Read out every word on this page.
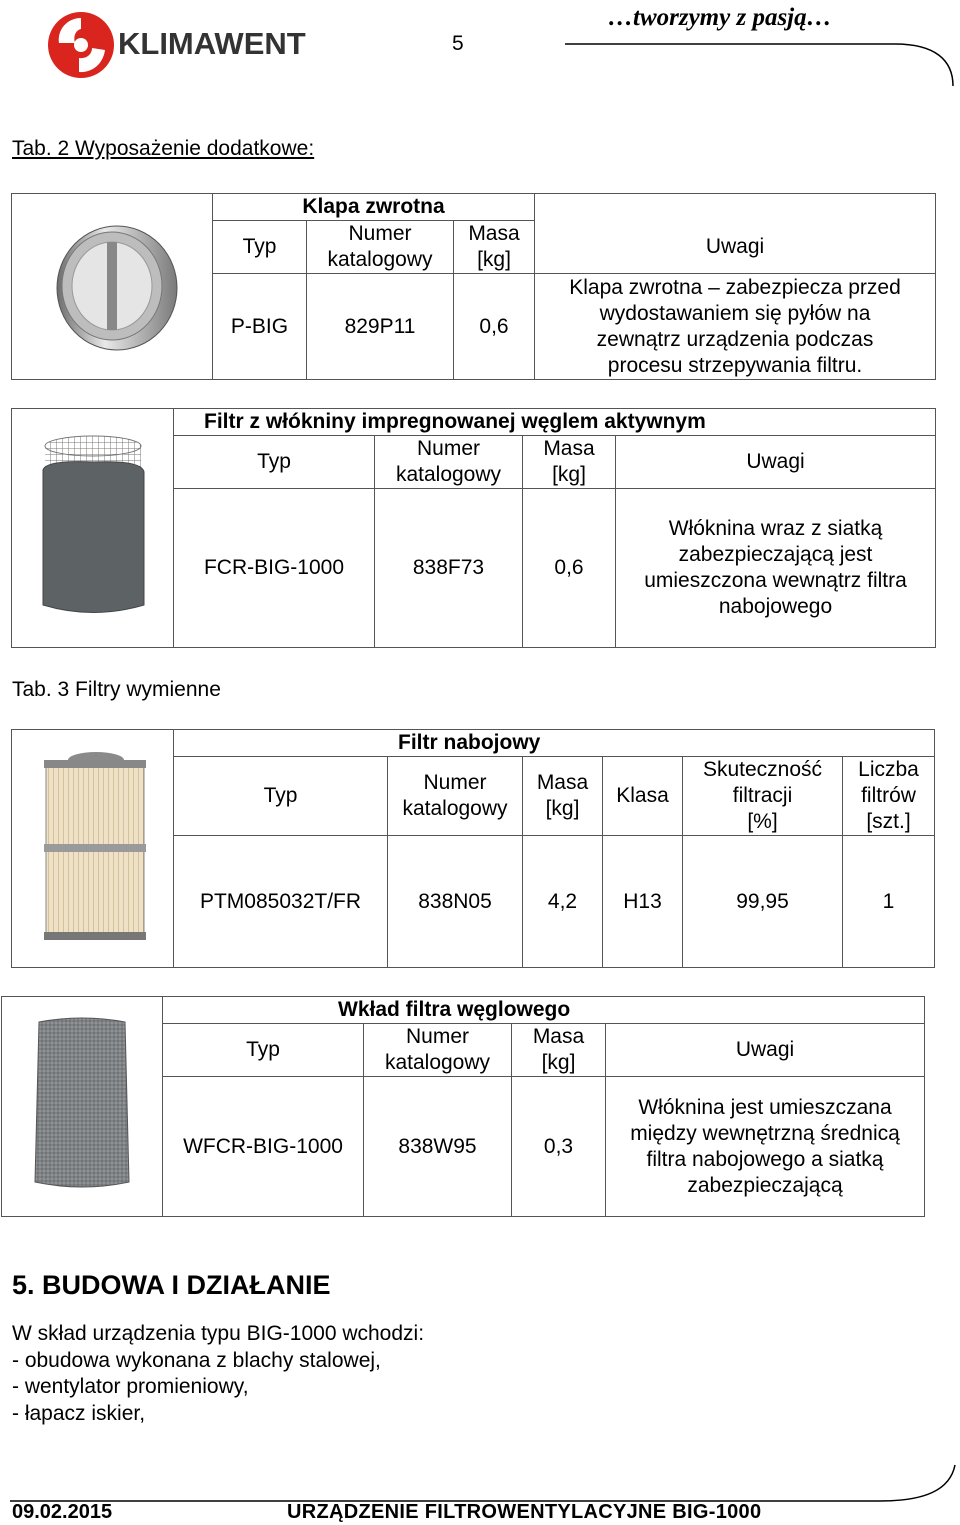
KLIMAWENT	5
…tworzymy z pasją…
Tab. 2 Wyposażenie dodatkowe:
	Klapa zwrotna			
	Typ	Numer
katalogowy	Masa
[kg]	Uwagi
	P-BIG	829P11	0,6	Klapa zwrotna – zabezpiecza przed
wydostawaniem się pyłów na
zewnątrz urządzenia podczas
procesu strzepywania filtru.
	Filtr z włókniny impregnowanej węglem aktywnym			
	Typ	Numer
katalogowy	Masa
[kg]	Uwagi
	FCR-BIG-1000	838F73	0,6	Włóknina wraz z siatką
zabezpieczającą jest
umieszczona wewnątrz filtra
nabojowego
Tab. 3 Filtry wymienne
	Filtr nabojowy					
	Typ	Numer
katalogowy	Masa
[kg]	Klasa	Skuteczność
filtracji
[%]	Liczba
filtrów
[szt.]
	PTM085032T/FR	838N05	4,2	H13	99,95	1
	Wkład filtra węglowego			
	Typ	Numer
katalogowy	Masa
[kg]	Uwagi
	WFCR-BIG-1000	838W95	0,3	Włóknina jest umieszczana
między wewnętrzną średnicą
filtra nabojowego a siatką
zabezpieczającą
5. BUDOWA I DZIAŁANIE
W skład urządzenia typu BIG-1000 wchodzi:
- obudowa wykonana z blachy stalowej,
- wentylator promieniowy,
- łapacz iskier,
09.02.2015	URZĄDZENIE FILTROWENTYLACYJNE BIG-1000
